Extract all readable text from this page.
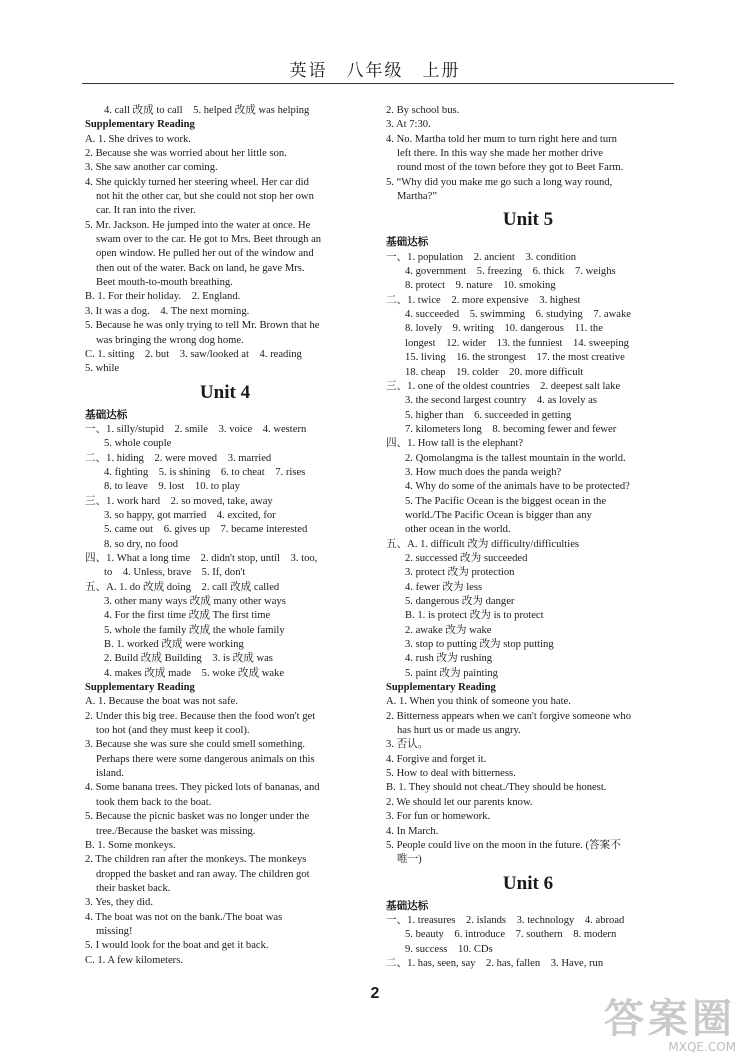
英语　八年级　上册
4. call 改成 to call　5. helped 改成 was helping
Supplementary Reading
A. 1. She drives to work.
2. Because she was worried about her little son.
3. She saw another car coming.
4. She quickly turned her steering wheel. Her car did
not hit the other car, but she could not stop her own
car. It ran into the river.
5. Mr. Jackson. He jumped into the water at once. He
swam over to the car. He got to Mrs. Beet through an
open window. He pulled her out of the window and
then out of the water. Back on land, he gave Mrs.
Beet mouth-to-mouth breathing.
B. 1. For their holiday.　2. England.
3. It was a dog.　4. The next morning.
5. Because he was only trying to tell Mr. Brown that he
was bringing the wrong dog home.
C. 1. sitting　2. but　3. saw/looked at　4. reading
5. while
Unit 4
基础达标
一、1. silly/stupid　2. smile　3. voice　4. western
5. whole couple
二、1. hiding　2. were moved　3. married
4. fighting　5. is shining　6. to cheat　7. rises
8. to leave　9. lost　10. to play
三、1. work hard　2. so moved, take, away
3. so happy, got married　4. excited, for
5. came out　6. gives up　7. became interested
8. so dry, no food
四、1. What a long time　2. didn't stop, until　3. too,
to　4. Unless, brave　5. If, don't
五、A. 1. do 改成 doing　2. call 改成 called
3. other many ways 改成 many other ways
4. For the first time 改成 The first time
5. whole the family 改成 the whole family
B. 1. worked 改成 were working
2. Build 改成 Building　3. is 改成 was
4. makes 改成 made　5. woke 改成 wake
Supplementary Reading
A. 1. Because the boat was not safe.
2. Under this big tree. Because then the food won't get
too hot (and they must keep it cool).
3. Because she was sure she could smell something.
Perhaps there were some dangerous animals on this
island.
4. Some banana trees. They picked lots of bananas, and
took them back to the boat.
5. Because the picnic basket was no longer under the
tree./Because the basket was missing.
B. 1. Some monkeys.
2. The children ran after the monkeys. The monkeys
dropped the basket and ran away. The children got
their basket back.
3. Yes, they did.
4. The boat was not on the bank./The boat was
missing!
5. I would look for the boat and get it back.
C. 1. A few kilometers.
2. By school bus.
3. At 7:30.
4. No. Martha told her mum to turn right here and turn
left there. In this way she made her mother drive
round most of the town before they got to Beet Farm.
5. “Why did you make me go such a long way round,
Martha?”
Unit 5
基础达标
一、1. population　2. ancient　3. condition
4. government　5. freezing　6. thick　7. weighs
8. protect　9. nature　10. smoking
二、1. twice　2. more expensive　3. highest
4. succeeded　5. swimming　6. studying　7. awake
8. lovely　9. writing　10. dangerous　11. the
longest　12. wider　13. the funniest　14. sweeping
15. living　16. the strongest　17. the most creative
18. cheap　19. colder　20. more difficult
三、1. one of the oldest countries　2. deepest salt lake
3. the second largest country　4. as lovely as
5. higher than　6. succeeded in getting
7. kilometers long　8. becoming fewer and fewer
四、1. How tall is the elephant?
2. Qomolangma is the tallest mountain in the world.
3. How much does the panda weigh?
4. Why do some of the animals have to be protected?
5. The Pacific Ocean is the biggest ocean in the
world./The Pacific Ocean is bigger than any
other ocean in the world.
五、A. 1. difficult 改为 difficulty/difficulties
2. successed 改为 succeeded
3. protect 改为 protection
4. fewer 改为 less
5. dangerous 改为 danger
B. 1. is protect 改为 is to protect
2. awake 改为 wake
3. stop to putting 改为 stop putting
4. rush 改为 rushing
5. paint 改为 painting
Supplementary Reading
A. 1. When you think of someone you hate.
2. Bitterness appears when we can't forgive someone who
has hurt us or made us angry.
3. 否认。
4. Forgive and forget it.
5. How to deal with bitterness.
B. 1. They should not cheat./They should be honest.
2. We should let our parents know.
3. For fun or homework.
4. In March.
5. People could live on the moon in the future. (答案不
唯一)
Unit 6
基础达标
一、1. treasures　2. islands　3. technology　4. abroad
5. beauty　6. introduce　7. southern　8. modern
9. success　10. CDs
二、1. has, seen, say　2. has, fallen　3. Have, run
2
答案圈
MXQE.COM
